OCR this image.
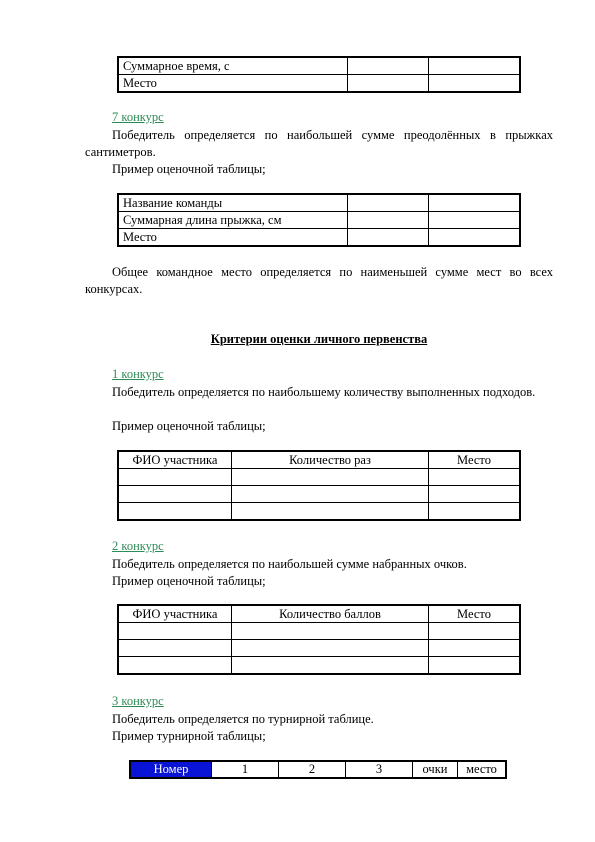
Суммарное время, с		
Место		
7 конкурс

Победитель определяется по наибольшей сумме преодолённых в прыжках сантиметров.

Пример оценочной таблицы;

Название команды		
Суммарная длина прыжка, см		
Место		

Общее командное место определяется по наименьшей сумме мест во всех конкурсах.

Критерии оценки личного первенства
1 конкурс

Победитель определяется по наибольшему количеству выполненных подходов.

Пример оценочной таблицы;

ФИО участника	Количество раз	Место

2 конкурс

Победитель определяется по наибольшей сумме набранных очков.

Пример оценочной таблицы;

ФИО участника	Количество баллов	Место

3 конкурс

Победитель определяется по турнирной таблице.

Пример турнирной таблицы;

Номер	1	2	3	очки	место
